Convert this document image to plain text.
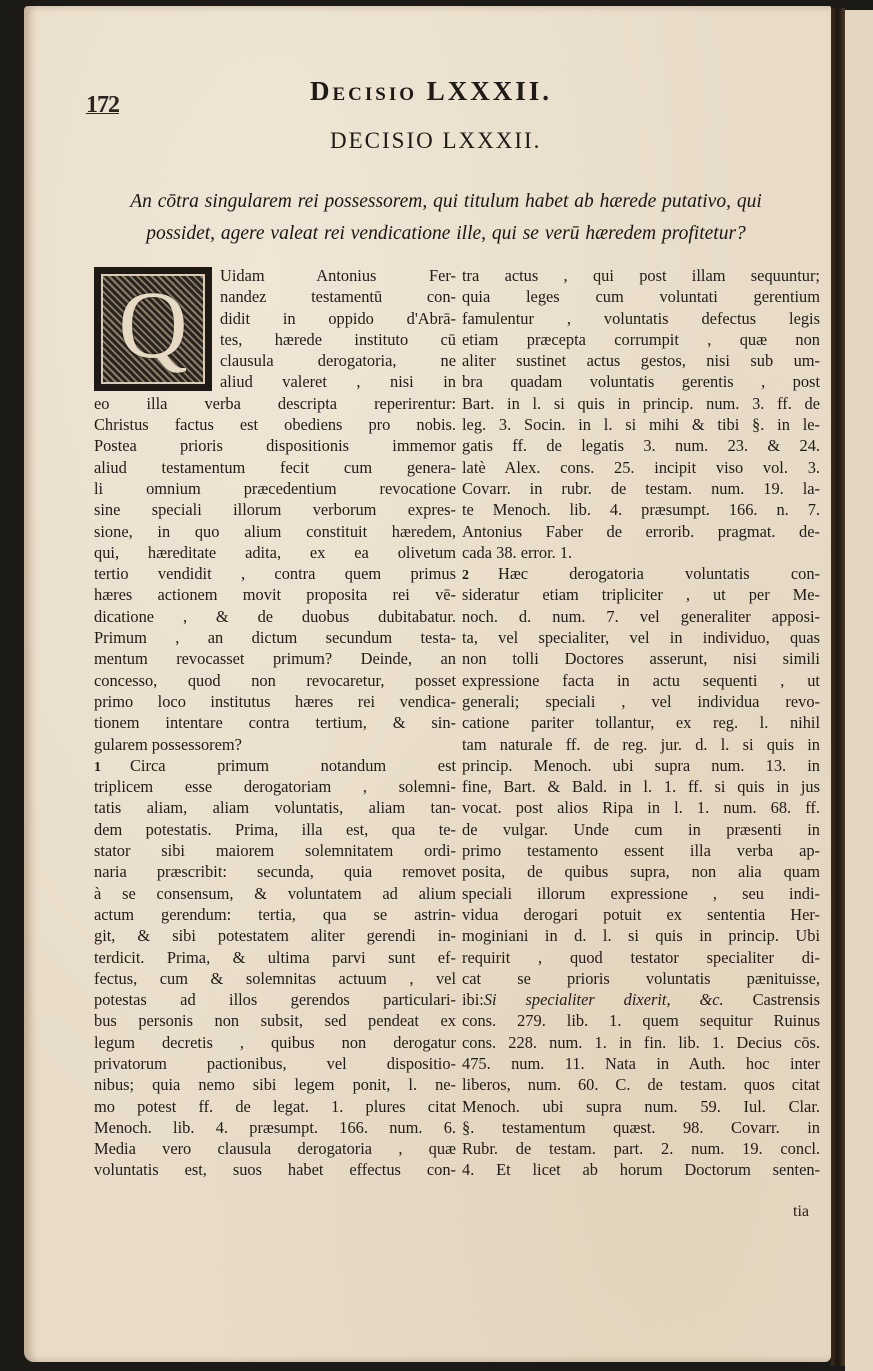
172	Decisio LXXXII.
DECISIO LXXXII.
An cōtra singularem rei possessorem, qui titulum habet ab hærede putativo, qui
possidet, agere valeat rei vendicatione ille, qui se verū hæredem profitetur?
Q	Uidam Antonius Fer-
nandez testamentū con-
didit in oppido d'Abrā-
tes, hærede instituto cū
clausula derogatoria, ne
aliud valeret , nisi in
eo illa verba descripta reperirentur:
Christus factus est obediens pro nobis.
Postea prioris dispositionis immemor
aliud testamentum fecit cum genera-
li omnium præcedentium revocatione
sine speciali illorum verborum expres-
sione, in quo alium constituit hæredem,
qui, hæreditate adita, ex ea olivetum
tertio vendidit , contra quem primus
hæres actionem movit proposita rei vē-
dicatione , & de duobus dubitabatur.
Primum , an dictum secundum testa-
mentum revocasset primum? Deinde, an
concesso, quod non revocaretur, posset
primo loco institutus hæres rei vendica-
tionem intentare contra tertium, & sin-
gularem possessorem?
1 Circa primum notandum est
triplicem esse derogatoriam , solemni-
tatis aliam, aliam voluntatis, aliam tan-
dem potestatis. Prima, illa est, qua te-
stator sibi maiorem solemnitatem ordi-
naria præscribit: secunda, quia removet
à se consensum, & voluntatem ad alium
actum gerendum: tertia, qua se astrin-
git, & sibi potestatem aliter gerendi in-
terdicit. Prima, & ultima parvi sunt ef-
fectus, cum & solemnitas actuum , vel
potestas ad illos gerendos particulari-
bus personis non subsit, sed pendeat ex
legum decretis , quibus non derogatur
privatorum pactionibus, vel dispositio-
nibus; quia nemo sibi legem ponit, l. ne-
mo potest ff. de legat. 1. plures citat
Menoch. lib. 4. præsumpt. 166. num. 6.
Media vero clausula derogatoria , quæ
voluntatis est, suos habet effectus con-
tra actus , qui post illam sequuntur;
quia leges cum voluntati gerentium
famulentur , voluntatis defectus legis
etiam præcepta corrumpit , quæ non
aliter sustinet actus gestos, nisi sub um-
bra quadam voluntatis gerentis , post
Bart. in l. si quis in princip. num. 3. ff. de
leg. 3. Socin. in l. si mihi & tibi §. in le-
gatis ff. de legatis 3. num. 23. & 24.
latè Alex. cons. 25. incipit viso vol. 3.
Covarr. in rubr. de testam. num. 19. la-
te Menoch. lib. 4. præsumpt. 166. n. 7.
Antonius Faber de errorib. pragmat. de-
cada 38. error. 1.
2 Hæc derogatoria voluntatis con-
sideratur etiam tripliciter , ut per Me-
noch. d. num. 7. vel generaliter apposi-
ta, vel specialiter, vel in individuo, quas
non tolli Doctores asserunt, nisi simili
expressione facta in actu sequenti , ut
generali; speciali , vel individua revo-
catione pariter tollantur, ex reg. l. nihil
tam naturale ff. de reg. jur. d. l. si quis in
princip. Menoch. ubi supra num. 13. in
fine, Bart. & Bald. in l. 1. ff. si quis in jus
vocat. post alios Ripa in l. 1. num. 68. ff.
de vulgar. Unde cum in præsenti in
primo testamento essent illa verba ap-
posita, de quibus supra, non alia quam
speciali illorum expressione , seu indi-
vidua derogari potuit ex sententia Her-
moginiani in d. l. si quis in princip. Ubi
requirit , quod testator specialiter di-
cat se prioris voluntatis pænituisse,
ibi:Si specialiter dixerit, &c. Castrensis
cons. 279. lib. 1. quem sequitur Ruinus
cons. 228. num. 1. in fin. lib. 1. Decius cōs.
475. num. 11. Nata in Auth. hoc inter
liberos, num. 60. C. de testam. quos citat
Menoch. ubi supra num. 59. Iul. Clar.
§. testamentum quæst. 98. Covarr. in
Rubr. de testam. part. 2. num. 19. concl.
4. Et licet ab horum Doctorum senten-
tia
